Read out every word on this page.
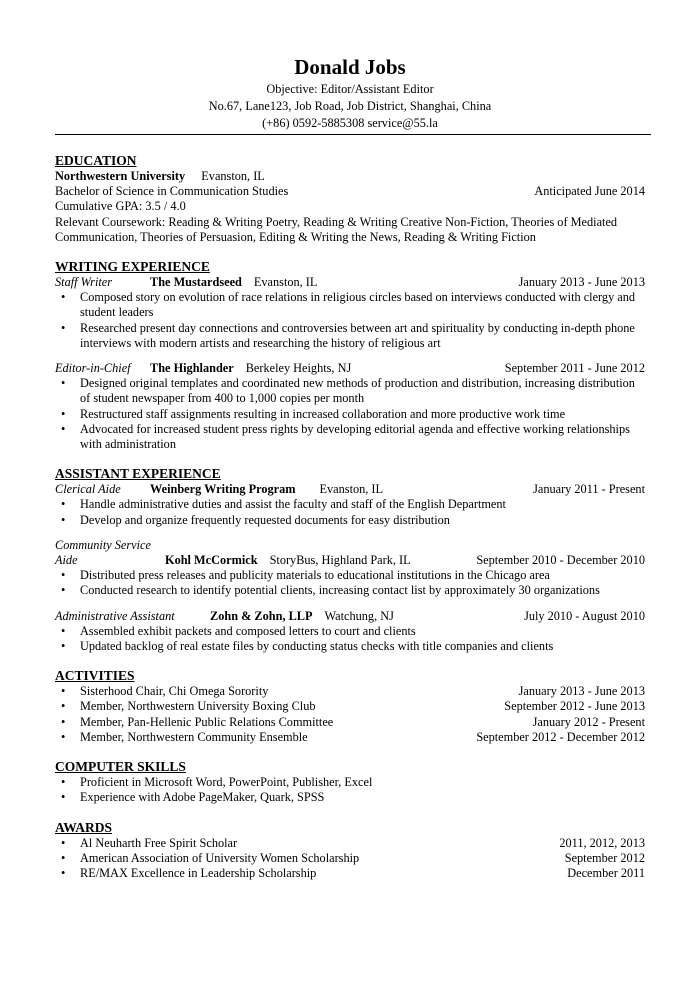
Donald Jobs
Objective: Editor/Assistant Editor
No.67, Lane123, Job Road, Job District, Shanghai, China
(+86) 0592-5885308 service@55.la
EDUCATION
Northwestern University Evanston, IL
Bachelor of Science in Communication Studies	Anticipated June 2014
Cumulative GPA: 3.5 / 4.0
Relevant Coursework: Reading & Writing Poetry, Reading & Writing Creative Non-Fiction, Theories of Mediated Communication, Theories of Persuasion, Editing & Writing the News, Reading & Writing Fiction
WRITING EXPERIENCE
Staff Writer	The Mustardseed Evanston, IL	January 2013 - June 2013
• Composed story on evolution of race relations in religious circles based on interviews conducted with clergy and student leaders
• Researched present day connections and controversies between art and spirituality by conducting in-depth phone interviews with modern artists and researching the history of religious art
Editor-in-Chief The Highlander Berkeley Heights, NJ	September 2011 - June 2012
• Designed original templates and coordinated new methods of production and distribution, increasing distribution of student newspaper from 400 to 1,000 copies per month
• Restructured staff assignments resulting in increased collaboration and more productive work time
• Advocated for increased student press rights by developing editorial agenda and effective working relationships with administration
ASSISTANT EXPERIENCE
Clerical Aide Weinberg Writing Program Evanston, IL	January 2011 - Present
• Handle administrative duties and assist the faculty and staff of the English Department
• Develop and organize frequently requested documents for easy distribution
Community Service Aide	Kohl McCormick StoryBus, Highland Park, IL	September 2010 - December 2010
• Distributed press releases and publicity materials to educational institutions in the Chicago area
• Conducted research to identify potential clients, increasing contact list by approximately 30 organizations
Administrative Assistant	Zohn & Zohn, LLP Watchung, NJ	July 2010 - August 2010
• Assembled exhibit packets and composed letters to court and clients
• Updated backlog of real estate files by conducting status checks with title companies and clients
ACTIVITIES
• Sisterhood Chair, Chi Omega Sorority	January 2013 - June 2013
• Member, Northwestern University Boxing Club	September 2012 - June 2013
• Member, Pan-Hellenic Public Relations Committee	January 2012 - Present
• Member, Northwestern Community Ensemble	September 2012 - December 2012
COMPUTER SKILLS
• Proficient in Microsoft Word, PowerPoint, Publisher, Excel
• Experience with Adobe PageMaker, Quark, SPSS
AWARDS
• Al Neuharth Free Spirit Scholar	2011, 2012, 2013
• American Association of University Women Scholarship	September 2012
• RE/MAX Excellence in Leadership Scholarship	December 2011
